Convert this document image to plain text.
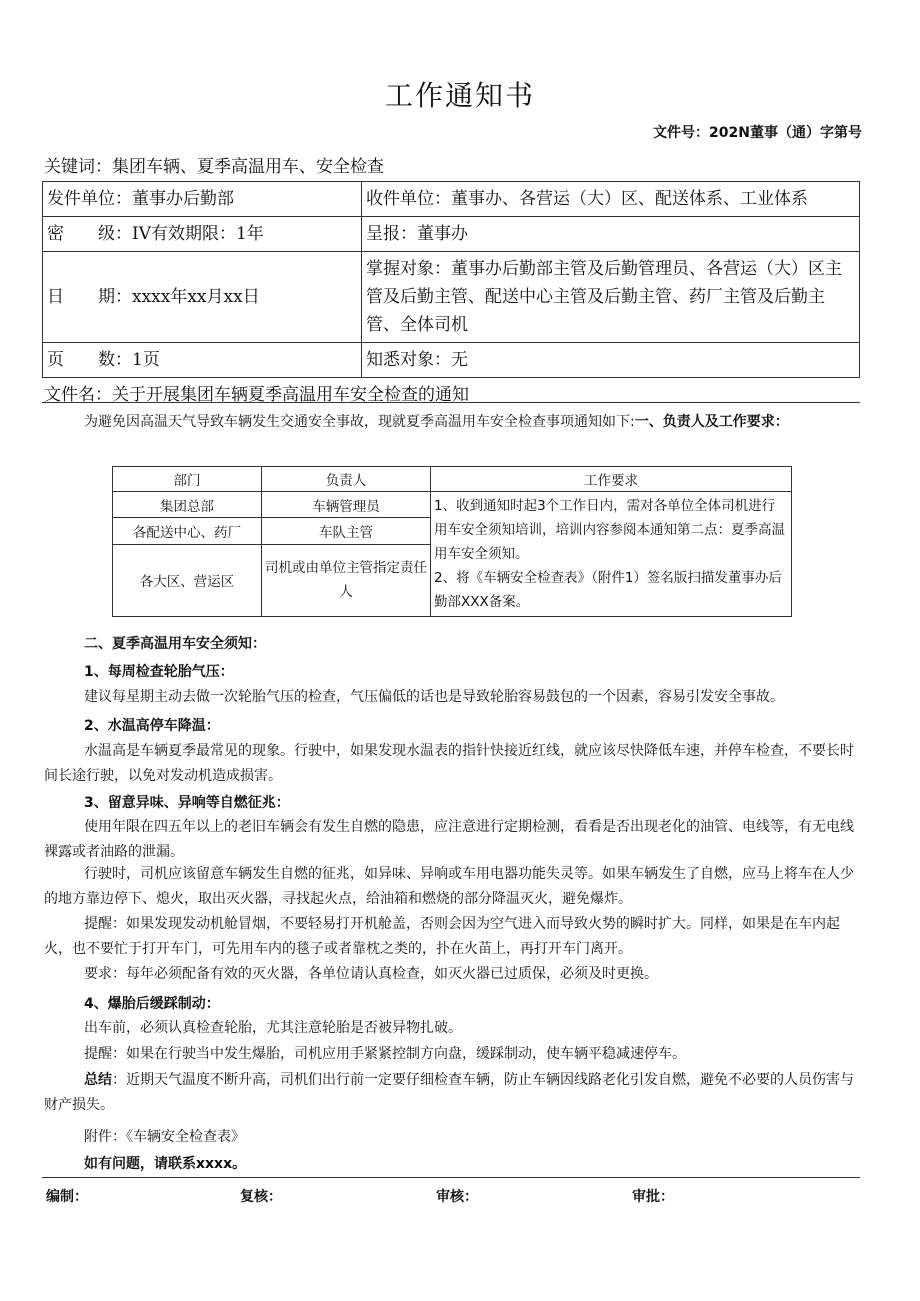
工作通知书
文件号：202N董事（通）字第号
关键词：集团车辆、夏季高温用车、安全检查
发件单位：董事办后勤部	收件单位：董事办、各营运（大）区、配送体系、工业体系
密　　级：IV有效期限：1年	呈报：董事办
日　　期：xxxx年xx月xx日	掌握对象：董事办后勤部主管及后勤管理员、各营运（大）区主管及后勤主管、配送中心主管及后勤主管、药厂主管及后勤主管、全体司机
页　　数：1页	知悉对象：无
文件名：关于开展集团车辆夏季高温用车安全检查的通知
为避免因高温天气导致车辆发生交通安全事故，现就夏季高温用车安全检查事项通知如下:一、负责人及工作要求：
部门	负责人	工作要求
集团总部	车辆管理员	1、收到通知时起3个工作日内，需对各单位全体司机进行用车安全须知培训，培训内容参阅本通知第二点：夏季高温用车安全须知。
2、将《车辆安全检查表》（附件1）签名版扫描发董事办后勤部XXX备案。

各配送中心、药厂	车队主管	
各大区、营运区	司机或由单位主管指定责任人	
二、夏季高温用车安全须知：
1、每周检查轮胎气压：
建议每星期主动去做一次轮胎气压的检查，气压偏低的话也是导致轮胎容易鼓包的一个因素，容易引发安全事故。
2、水温高停车降温：
水温高是车辆夏季最常见的现象。行驶中，如果发现水温表的指针快接近红线，就应该尽快降低车速，并停车检查，不要长时间长途行驶，以免对发动机造成损害。
3、留意异味、异响等自燃征兆：
使用年限在四五年以上的老旧车辆会有发生自燃的隐患，应注意进行定期检测，看看是否出现老化的油管、电线等，有无电线裸露或者油路的泄漏。
行驶时，司机应该留意车辆发生自燃的征兆，如异味、异响或车用电器功能失灵等。如果车辆发生了自燃，应马上将车在人少的地方靠边停下、熄火，取出灭火器，寻找起火点，给油箱和燃烧的部分降温灭火，避免爆炸。
提醒：如果发现发动机舱冒烟，不要轻易打开机舱盖，否则会因为空气进入而导致火势的瞬时扩大。同样，如果是在车内起火，也不要忙于打开车门，可先用车内的毯子或者靠枕之类的，扑在火苗上，再打开车门离开。
要求：每年必须配备有效的灭火器，各单位请认真检查，如灭火器已过质保，必须及时更换。
4、爆胎后缓踩制动：
出车前，必须认真检查轮胎，尤其注意轮胎是否被异物扎破。
提醒：如果在行驶当中发生爆胎，司机应用手紧紧控制方向盘，缓踩制动，使车辆平稳减速停车。
总结：近期天气温度不断升高，司机们出行前一定要仔细检查车辆，防止车辆因线路老化引发自燃，避免不必要的人员伤害与财产损失。
附件：《车辆安全检查表》
如有问题，请联系xxxx。
编制：	复核：	审核：	审批：
